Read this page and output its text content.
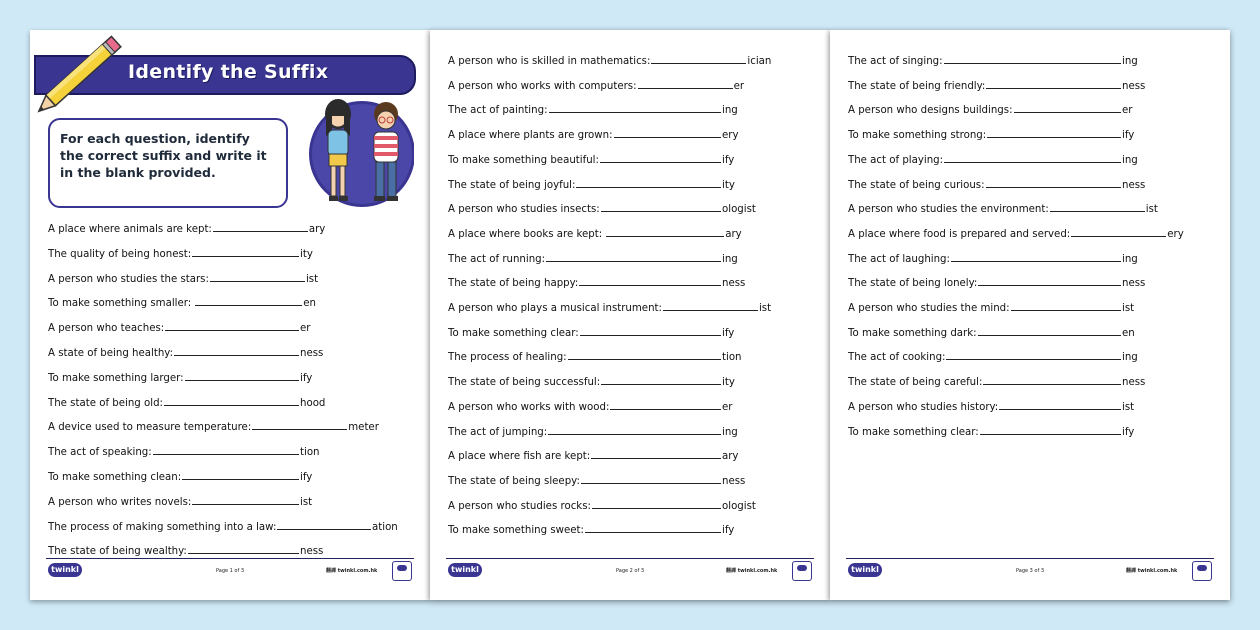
Identify the Suffix
For each question, identify the correct suffix and write it in the blank provided.
A place where animals are kept:	ary
The quality of being honest:	ity
A person who studies the stars:	ist
To make something smaller:	en
A person who teaches:	er
A state of being healthy:	ness
To make something larger:	ify
The state of being old:	hood
A device used to measure temperature:	meter
The act of speaking:	tion
To make something clean:	ify
A person who writes novels:	ist
The process of making something into a law:	ation
The state of being wealthy:	ness
twinkl	Page 1 of 3	翻譯 twinkl.com.hk
A person who is skilled in mathematics:	ician
A person who works with computers:	er
The act of painting:	ing
A place where plants are grown:	ery
To make something beautiful:	ify
The state of being joyful:	ity
A person who studies insects:	ologist
A place where books are kept:	ary
The act of running:	ing
The state of being happy:	ness
A person who plays a musical instrument:	ist
To make something clear:	ify
The process of healing:	tion
The state of being successful:	ity
A person who works with wood:	er
The act of jumping:	ing
A place where fish are kept:	ary
The state of being sleepy:	ness
A person who studies rocks:	ologist
To make something sweet:	ify
twinkl	Page 2 of 3	翻譯 twinkl.com.hk
The act of singing:	ing
The state of being friendly:	ness
A person who designs buildings:	er
To make something strong:	ify
The act of playing:	ing
The state of being curious:	ness
A person who studies the environment:	ist
A place where food is prepared and served:	ery
The act of laughing:	ing
The state of being lonely:	ness
A person who studies the mind:	ist
To make something dark:	en
The act of cooking:	ing
The state of being careful:	ness
A person who studies history:	ist
To make something clear:	ify
twinkl	Page 3 of 3	翻譯 twinkl.com.hk
